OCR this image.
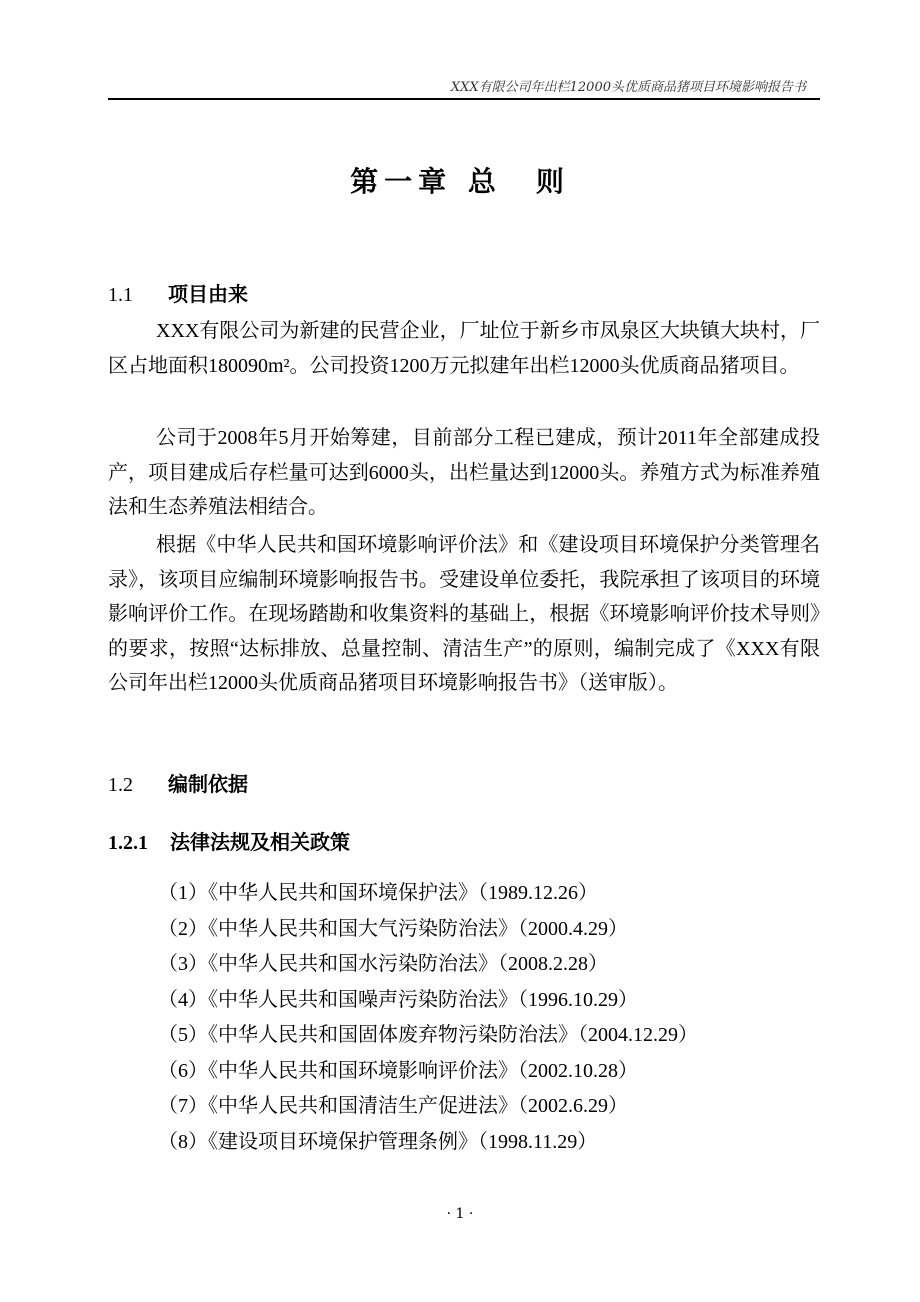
XXX有限公司年出栏12000头优质商品猪项目环境影响报告书
第一章 总　则
1.1 项目由来

XXX有限公司为新建的民营企业，厂址位于新乡市凤泉区大块镇大块村，厂区占地面积180090m²。公司投资1200万元拟建年出栏12000头优质商品猪项目。

公司于2008年5月开始筹建，目前部分工程已建成，预计2011年全部建成投产，项目建成后存栏量可达到6000头，出栏量达到12000头。养殖方式为标准养殖法和生态养殖法相结合。

根据《中华人民共和国环境影响评价法》和《建设项目环境保护分类管理名录》，该项目应编制环境影响报告书。受建设单位委托，我院承担了该项目的环境影响评价工作。在现场踏勘和收集资料的基础上，根据《环境影响评价技术导则》的要求，按照“达标排放、总量控制、清洁生产”的原则，编制完成了《XXX有限公司年出栏12000头优质商品猪项目环境影响报告书》（送审版）。

1.2 编制依据
1.2.1 法律法规及相关政策
（1）《中华人民共和国环境保护法》（1989.12.26）
（2）《中华人民共和国大气污染防治法》（2000.4.29）
（3）《中华人民共和国水污染防治法》（2008.2.28）
（4）《中华人民共和国噪声污染防治法》（1996.10.29）
（5）《中华人民共和国固体废弃物污染防治法》（2004.12.29）
（6）《中华人民共和国环境影响评价法》（2002.10.28）
（7）《中华人民共和国清洁生产促进法》（2002.6.29）
（8）《建设项目环境保护管理条例》（1998.11.29）
· 1 ·
